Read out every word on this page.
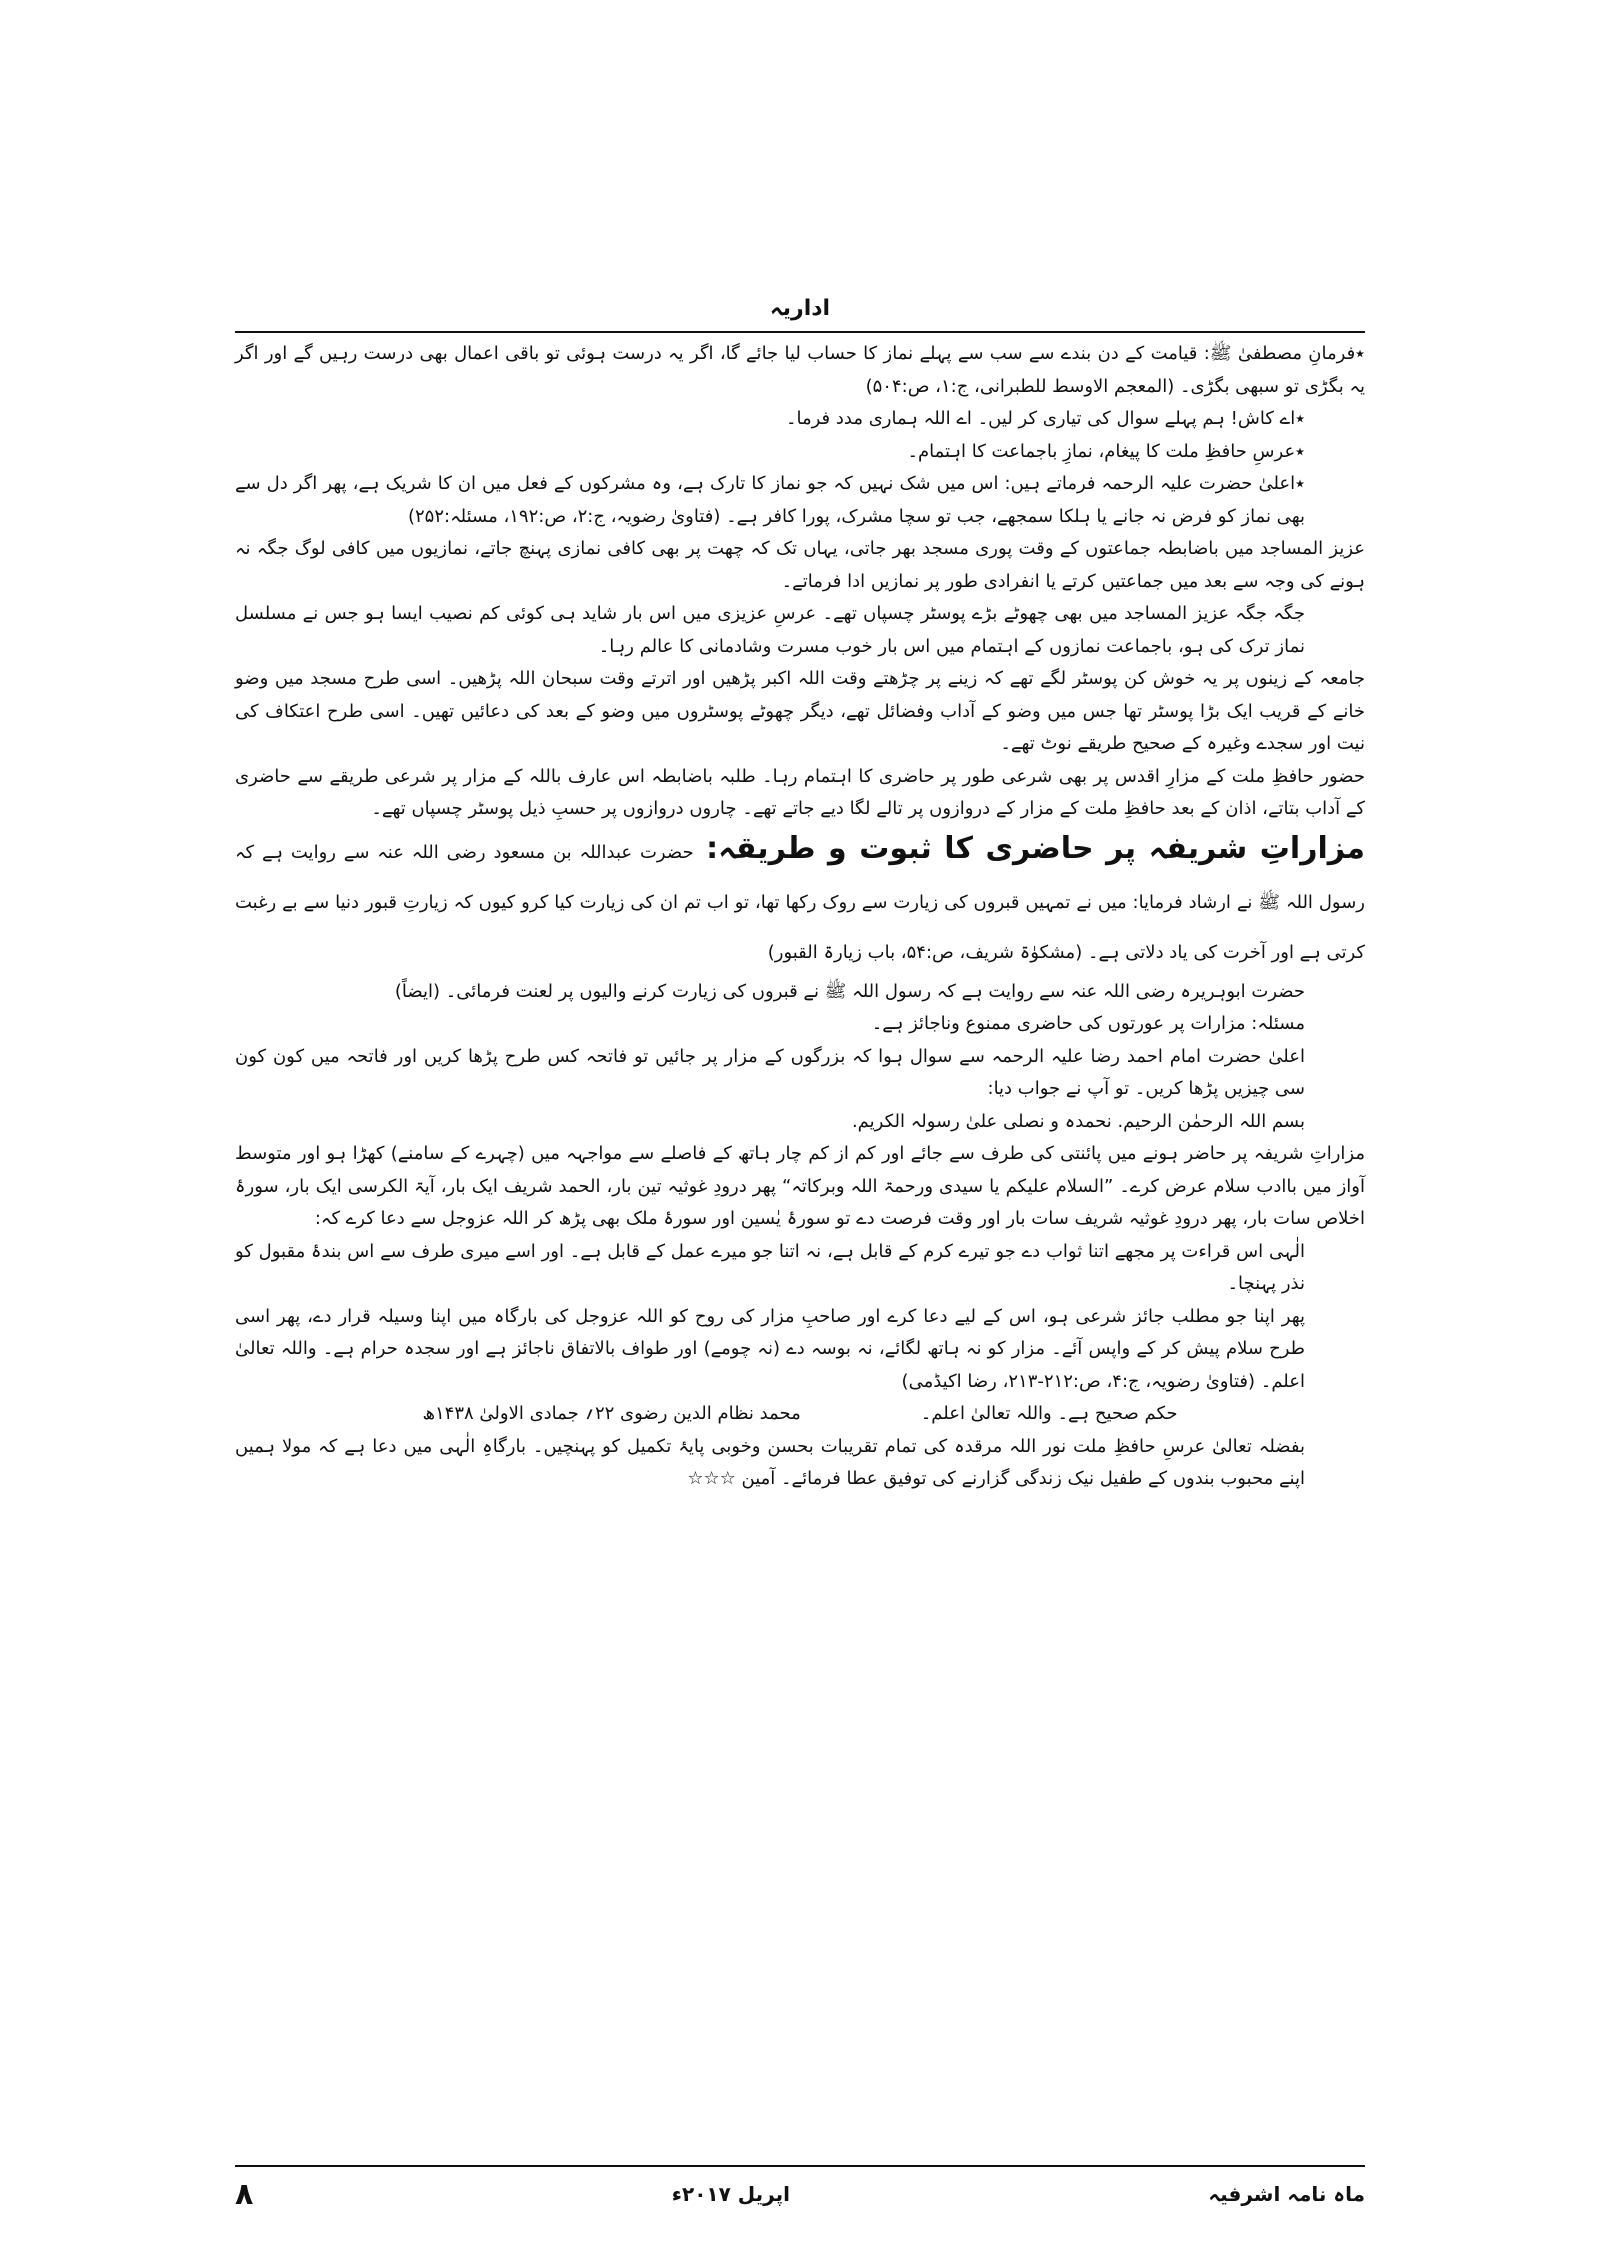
اداریہ

٭فرمانِ مصطفیٰ ﷺ: قیامت کے دن بندے سے سب سے پہلے نماز کا حساب لیا جائے گا، اگر یہ درست ہوئی تو باقی اعمال بھی درست رہیں گے اور اگر یہ بگڑی تو سبھی بگڑی۔ (المعجم الاوسط للطبرانی، ج:۱، ص:۵۰۴)

٭اے کاش! ہم پہلے سوال کی تیاری کر لیں۔ اے اللہ ہماری مدد فرما۔

٭عرسِ حافظِ ملت کا پیغام، نمازِ باجماعت کا اہتمام۔

٭اعلیٰ حضرت علیہ الرحمہ فرماتے ہیں: اس میں شک نہیں کہ جو نماز کا تارک ہے، وہ مشرکوں کے فعل میں ان کا شریک ہے، پھر اگر دل سے بھی نماز کو فرض نہ جانے یا ہلکا سمجھے، جب تو سچا مشرک، پورا کافر ہے۔ (فتاویٰ رضویہ، ج:۲، ص:۱۹۲، مسئلہ:۲۵۲)

عزیز المساجد میں باضابطہ جماعتوں کے وقت پوری مسجد بھر جاتی، یہاں تک کہ چھت پر بھی کافی نمازی پہنچ جاتے، نمازیوں میں کافی لوگ جگہ نہ ہونے کی وجہ سے بعد میں جماعتیں کرتے یا انفرادی طور پر نمازیں ادا فرماتے۔

جگہ جگہ عزیز المساجد میں بھی چھوٹے بڑے پوسٹر چسپاں تھے۔ عرسِ عزیزی میں اس بار شاید ہی کوئی کم نصیب ایسا ہو جس نے مسلسل نماز ترک کی ہو، باجماعت نمازوں کے اہتمام میں اس بار خوب مسرت وشادمانی کا عالم رہا۔

جامعہ کے زینوں پر یہ خوش کن پوسٹر لگے تھے کہ زینے پر چڑھتے وقت اللہ اکبر پڑھیں اور اترتے وقت سبحان اللہ پڑھیں۔ اسی طرح مسجد میں وضو خانے کے قریب ایک بڑا پوسٹر تھا جس میں وضو کے آداب وفضائل تھے، دیگر چھوٹے پوسٹروں میں وضو کے بعد کی دعائیں تھیں۔ اسی طرح اعتکاف کی نیت اور سجدے وغیرہ کے صحیح طریقے نوٹ تھے۔

حضور حافظِ ملت کے مزارِ اقدس پر بھی شرعی طور پر حاضری کا اہتمام رہا۔ طلبہ باضابطہ اس عارف باللہ کے مزار پر شرعی طریقے سے حاضری کے آداب بتاتے، اذان کے بعد حافظِ ملت کے مزار کے دروازوں پر تالے لگا دیے جاتے تھے۔ چاروں دروازوں پر حسبِ ذیل پوسٹر چسپاں تھے۔

مزاراتِ شریفہ پر حاضری کا ثبوت و طریقہ: حضرت عبداللہ بن مسعود رضی اللہ عنہ سے روایت ہے کہ رسول اللہ ﷺ نے ارشاد فرمایا: میں نے تمہیں قبروں کی زیارت سے روک رکھا تھا، تو اب تم ان کی زیارت کیا کرو کیوں کہ زیارتِ قبور دنیا سے بے رغبت کرتی ہے اور آخرت کی یاد دلاتی ہے۔ (مشکوٰۃ شریف، ص:۵۴، باب زیارۃ القبور)

حضرت ابوہریرہ رضی اللہ عنہ سے روایت ہے کہ رسول اللہ ﷺ نے قبروں کی زیارت کرنے والیوں پر لعنت فرمائی۔ (ایضاً)

مسئلہ: مزارات پر عورتوں کی حاضری ممنوع وناجائز ہے۔

اعلیٰ حضرت امام احمد رضا علیہ الرحمہ سے سوال ہوا کہ بزرگوں کے مزار پر جائیں تو فاتحہ کس طرح پڑھا کریں اور فاتحہ میں کون کون سی چیزیں پڑھا کریں۔ تو آپ نے جواب دیا:

بسم اللہ الرحمٰن الرحیم. نحمدہ و نصلی علیٰ رسولہ الکریم.

مزاراتِ شریفہ پر حاضر ہونے میں پائنتی کی طرف سے جائے اور کم از کم چار ہاتھ کے فاصلے سے مواجہہ میں (چہرے کے سامنے) کھڑا ہو اور متوسط آواز میں باادب سلام عرض کرے۔ ”السلام علیکم یا سیدی ورحمۃ اللہ وبرکاتہ“ پھر درودِ غوثیہ تین بار، الحمد شریف ایک بار، آیۃ الکرسی ایک بار، سورۂ اخلاص سات بار، پھر درودِ غوثیہ شریف سات بار اور وقت فرصت دے تو سورۂ یٰسین اور سورۂ ملک بھی پڑھ کر اللہ عزوجل سے دعا کرے کہ:

الٰہی اس قراءت پر مجھے اتنا ثواب دے جو تیرے کرم کے قابل ہے، نہ اتنا جو میرے عمل کے قابل ہے۔ اور اسے میری طرف سے اس بندۂ مقبول کو نذر پہنچا۔

پھر اپنا جو مطلب جائز شرعی ہو، اس کے لیے دعا کرے اور صاحبِ مزار کی روح کو اللہ عزوجل کی بارگاہ میں اپنا وسیلہ قرار دے، پھر اسی طرح سلام پیش کر کے واپس آئے۔ مزار کو نہ ہاتھ لگائے، نہ بوسہ دے (نہ چومے) اور طواف بالاتفاق ناجائز ہے اور سجدہ حرام ہے۔ واللہ تعالیٰ اعلم۔ (فتاویٰ رضویہ، ج:۴، ص:۲۱۲-۲۱۳، رضا اکیڈمی)

حکم صحیح ہے۔ واللہ تعالیٰ اعلم۔
محمد نظام الدین رضوی ۲۲؍ جمادی الاولیٰ ۱۴۳۸ھ

بفضلہ تعالیٰ عرسِ حافظِ ملت نور اللہ مرقدہ کی تمام تقریبات بحسن وخوبی پایۂ تکمیل کو پہنچیں۔ بارگاہِ الٰہی میں دعا ہے کہ مولا ہمیں اپنے محبوب بندوں کے طفیل نیک زندگی گزارنے کی توفیق عطا فرمائے۔ آمین ☆☆☆

ماہ نامہ اشرفیہ
اپریل ۲۰۱۷ء
۸
